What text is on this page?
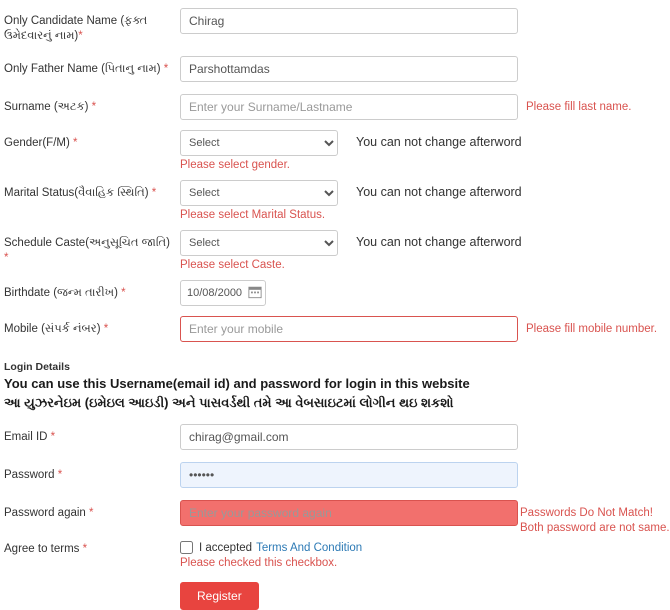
Only Candidate Name (ફક્ત ઉમેદવારનું નામ)*
Chirag
Only Father Name (પિતાનુ નામ) *
Parshottamdas
Surname (અટક) *
Enter your Surname/Lastname	Please fill last name.
Gender(F/M) *
Select	You can not change afterword
Please select gender.
Marital Status(વૈવાહિક સ્થિતિ) *
Select	You can not change afterword
Please select Marital Status.
Schedule Caste(અનુસૂચિત જાતિ) *
Select
You can not change afterword
Please select Caste.
Birthdate (જન્મ તારીખ) *
10/08/2000
Mobile (સંપર્ક નંબર) *
Enter your mobile	Please fill mobile number.
Login Details
You can use this Username(email id) and password for login in this website
આ યુઝરનેઇમ (ઇમેઇલ આઇડી) અને પાસવર્ડથી તમે આ વેબસાઇટમાં લોગીન થઇ શકશો
Email ID *
chirag@gmail.com
Password *
••••••
Password again *
Enter your password again	Passwords Do Not Match!
Both password are not same.
Agree to terms *	I accepted Terms And Condition
Please checked this checkbox.
Register
